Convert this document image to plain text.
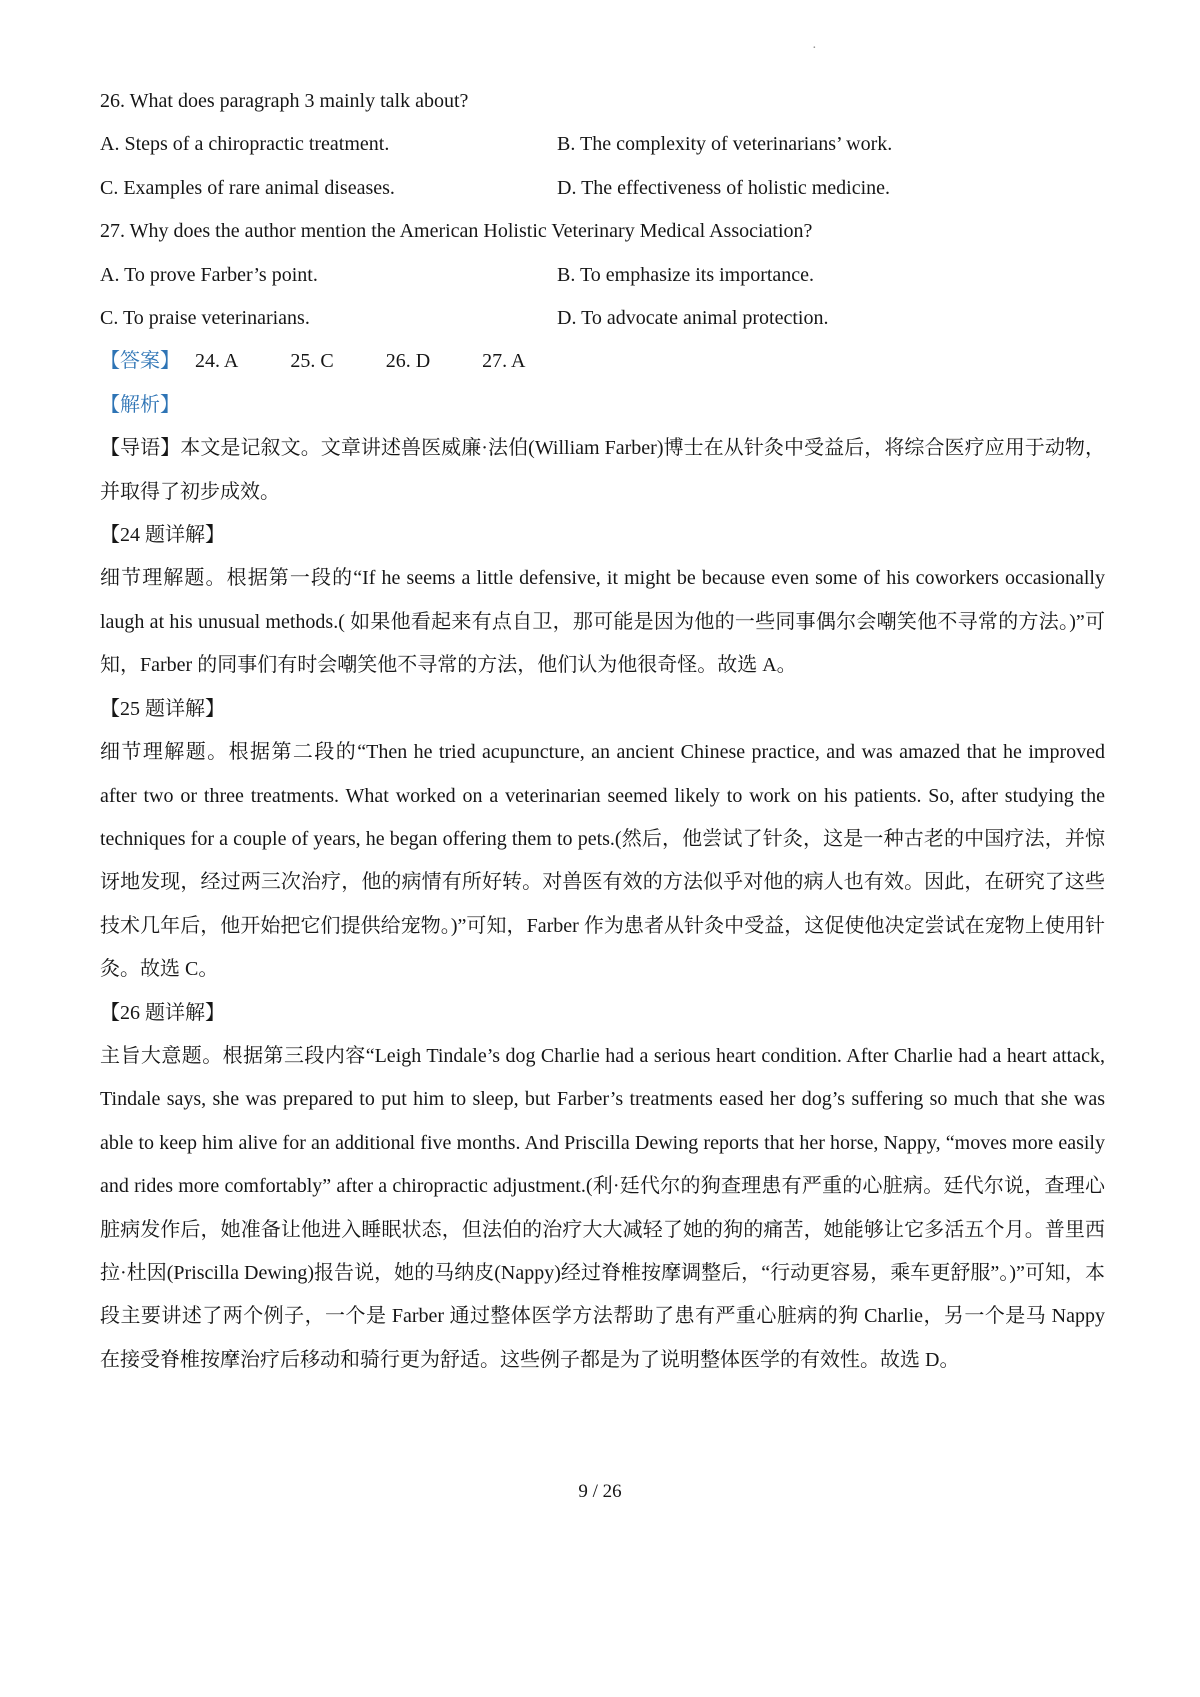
·

26. What does paragraph 3 mainly talk about?

A. Steps of a chiropractic treatment.	B. The complexity of veterinarians’ work.
C. Examples of rare animal diseases.	D. The effectiveness of holistic medicine.

27. Why does the author mention the American Holistic Veterinary Medical Association?

A. To prove Farber’s point.	B. To emphasize its importance.
C. To praise veterinarians.	D. To advocate animal protection.

【答案】 24. A	25. C	26. D	27. A

【解析】

【导语】本文是记叙文。文章讲述兽医威廉·法伯(William Farber)博士在从针灸中受益后，将综合医疗应用于动物，并取得了初步成效。

【24 题详解】

细节理解题。根据第一段的“If he seems a little defensive, it might be because even some of his coworkers occasionally laugh at his unusual methods.( 如果他看起来有点自卫，那可能是因为他的一些同事偶尔会嘲笑他不寻常的方法。)”可知，Farber 的同事们有时会嘲笑他不寻常的方法，他们认为他很奇怪。故选 A。

【25 题详解】

细节理解题。根据第二段的“Then he tried acupuncture, an ancient Chinese practice, and was amazed that he improved after two or three treatments. What worked on a veterinarian seemed likely to work on his patients. So, after studying the techniques for a couple of years, he began offering them to pets.(然后，他尝试了针灸，这是一种古老的中国疗法，并惊讶地发现，经过两三次治疗，他的病情有所好转。对兽医有效的方法似乎对他的病人也有效。因此，在研究了这些技术几年后，他开始把它们提供给宠物。)”可知，Farber 作为患者从针灸中受益，这促使他决定尝试在宠物上使用针灸。故选 C。

【26 题详解】

主旨大意题。根据第三段内容“Leigh Tindale’s dog Charlie had a serious heart condition. After Charlie had a heart attack, Tindale says, she was prepared to put him to sleep, but Farber’s treatments eased her dog’s suffering so much that she was able to keep him alive for an additional five months. And Priscilla Dewing reports that her horse, Nappy, “moves more easily and rides more comfortably” after a chiropractic adjustment.(利·廷代尔的狗查理患有严重的心脏病。廷代尔说，查理心脏病发作后，她准备让他进入睡眠状态，但法伯的治疗大大减轻了她的狗的痛苦，她能够让它多活五个月。普里西拉·杜因(Priscilla Dewing)报告说，她的马纳皮(Nappy)经过脊椎按摩调整后，“行动更容易，乘车更舒服”。)”可知，本段主要讲述了两个例子，一个是 Farber 通过整体医学方法帮助了患有严重心脏病的狗 Charlie，另一个是马 Nappy 在接受脊椎按摩治疗后移动和骑行更为舒适。这些例子都是为了说明整体医学的有效性。故选 D。

9 / 26
